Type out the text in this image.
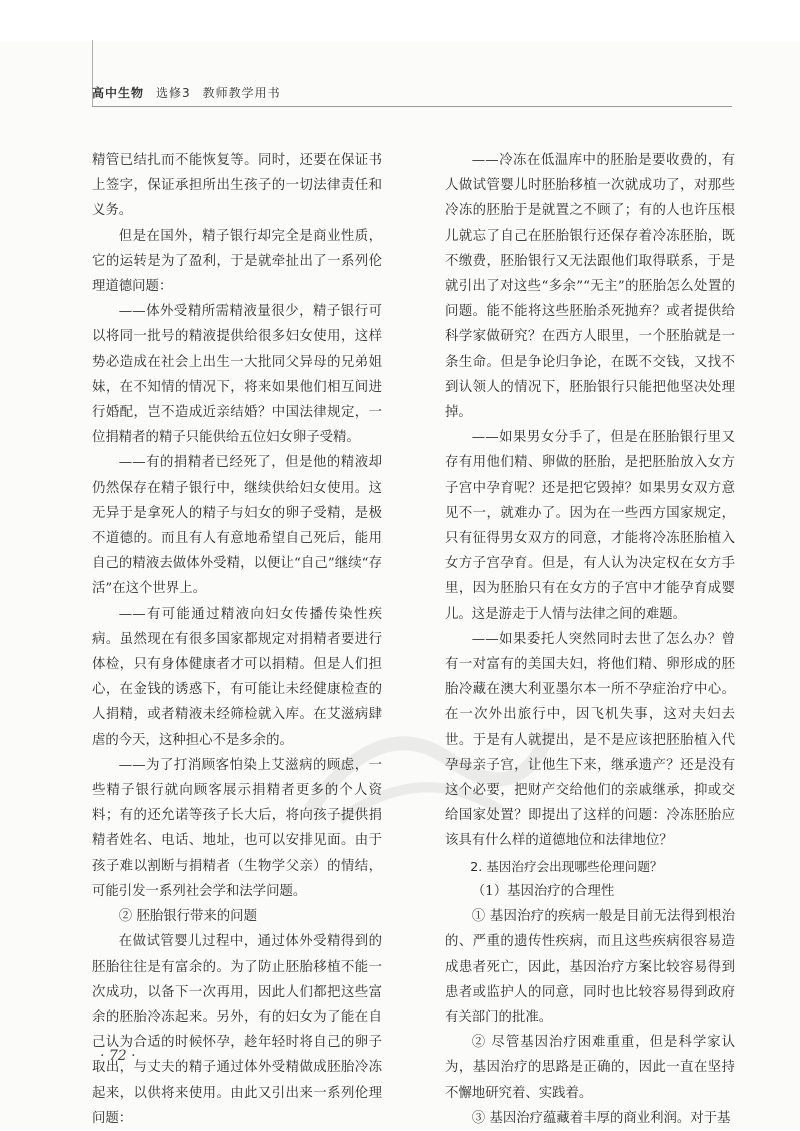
高中生物 选修3 教师教学用书

精管已结扎而不能恢复等。同时，还要在保证书上签字，保证承担所出生孩子的一切法律责任和义务。

但是在国外，精子银行却完全是商业性质，它的运转是为了盈利，于是就牵扯出了一系列伦理道德问题：

——体外受精所需精液量很少，精子银行可以将同一批号的精液提供给很多妇女使用，这样势必造成在社会上出生一大批同父异母的兄弟姐妹，在不知情的情况下，将来如果他们相互间进行婚配，岂不造成近亲结婚？中国法律规定，一位捐精者的精子只能供给五位妇女卵子受精。

——有的捐精者已经死了，但是他的精液却仍然保存在精子银行中，继续供给妇女使用。这无异于是拿死人的精子与妇女的卵子受精，是极不道德的。而且有人有意地希望自己死后，能用自己的精液去做体外受精，以便让“自己”继续“存活”在这个世界上。

——有可能通过精液向妇女传播传染性疾病。虽然现在有很多国家都规定对捐精者要进行体检，只有身体健康者才可以捐精。但是人们担心，在金钱的诱惑下，有可能让未经健康检查的人捐精，或者精液未经筛检就入库。在艾滋病肆虐的今天，这种担心不是多余的。

——为了打消顾客怕染上艾滋病的顾虑，一些精子银行就向顾客展示捐精者更多的个人资料；有的还允诺等孩子长大后，将向孩子提供捐精者姓名、电话、地址，也可以安排见面。由于孩子难以割断与捐精者（生物学父亲）的情结，可能引发一系列社会学和法学问题。

② 胚胎银行带来的问题

在做试管婴儿过程中，通过体外受精得到的胚胎往往是有富余的。为了防止胚胎移植不能一次成功，以备下一次再用，因此人们都把这些富余的胚胎冷冻起来。另外，有的妇女为了能在自己认为合适的时候怀孕，趁年轻时将自己的卵子取出，与丈夫的精子通过体外受精做成胚胎冷冻起来，以供将来使用。由此又引出来一系列伦理问题：

——冷冻在低温库中的胚胎是要收费的，有人做试管婴儿时胚胎移植一次就成功了，对那些冷冻的胚胎于是就置之不顾了；有的人也许压根儿就忘了自己在胚胎银行还保存着冷冻胚胎，既不缴费，胚胎银行又无法跟他们取得联系，于是就引出了对这些“多余”“无主”的胚胎怎么处置的问题。能不能将这些胚胎杀死抛弃？或者提供给科学家做研究？在西方人眼里，一个胚胎就是一条生命。但是争论归争论，在既不交钱，又找不到认领人的情况下，胚胎银行只能把他坚决处理掉。

——如果男女分手了，但是在胚胎银行里又存有用他们精、卵做的胚胎，是把胚胎放入女方子宫中孕育呢？还是把它毁掉？如果男女双方意见不一，就难办了。因为在一些西方国家规定，只有征得男女双方的同意，才能将冷冻胚胎植入女方子宫孕育。但是，有人认为决定权在女方手里，因为胚胎只有在女方的子宫中才能孕育成婴儿。这是游走于人情与法律之间的难题。

——如果委托人突然同时去世了怎么办？曾有一对富有的美国夫妇，将他们精、卵形成的胚胎冷藏在澳大利亚墨尔本一所不孕症治疗中心。在一次外出旅行中，因飞机失事，这对夫妇去世。于是有人就提出，是不是应该把胚胎植入代孕母亲子宫，让他生下来，继承遗产？还是没有这个必要，把财产交给他们的亲戚继承，抑或交给国家处置？即提出了这样的问题：冷冻胚胎应该具有什么样的道德地位和法律地位？

2. 基因治疗会出现哪些伦理问题？

（1）基因治疗的合理性

① 基因治疗的疾病一般是目前无法得到根治的、严重的遗传性疾病，而且这些疾病很容易造成患者死亡，因此，基因治疗方案比较容易得到患者或监护人的同意，同时也比较容易得到政府有关部门的批准。

② 尽管基因治疗困难重重，但是科学家认为，基因治疗的思路是正确的，因此一直在坚持不懈地研究着、实践着。

③ 基因治疗蕴藏着丰厚的商业利润。对于基

· 72 ·
